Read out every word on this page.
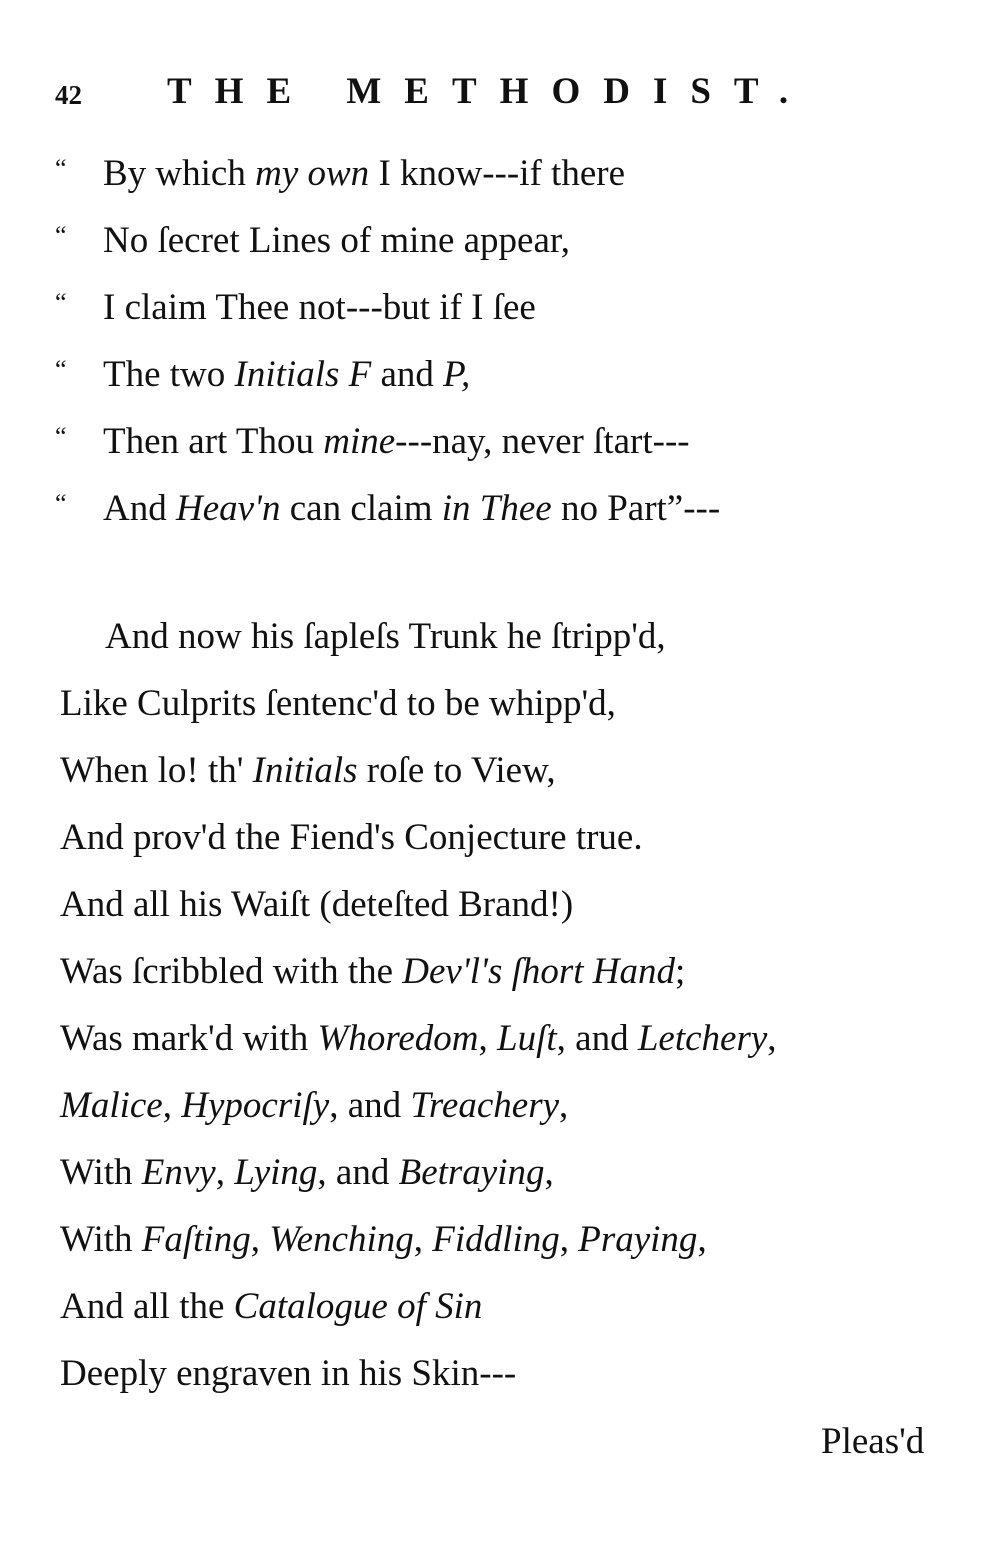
42 THE METHODIST.
“ By which my own I know---if there
“ No ſecret Lines of mine appear,
“ I claim Thee not---but if I ſee
“ The two Initials F and P,
“ Then art Thou mine---nay, never ſtart---
“ And Heav'n can claim in Thee no Part”---
And now his ſapleſs Trunk he ſtripp'd,
Like Culprits ſentenc'd to be whipp'd,
When lo! th' Initials roſe to View,
And prov'd the Fiend's Conjecture true.
And all his Waiſt (deteſted Brand!)
Was ſcribbled with the Dev'l's ſhort Hand;
Was mark'd with Whoredom, Luſt, and Letchery,
Malice, Hypocriſy, and Treachery,
With Envy, Lying, and Betraying,
With Faſting, Wenching, Fiddling, Praying,
And all the Catalogue of Sin
Deeply engraven in his Skin---
Pleas'd
